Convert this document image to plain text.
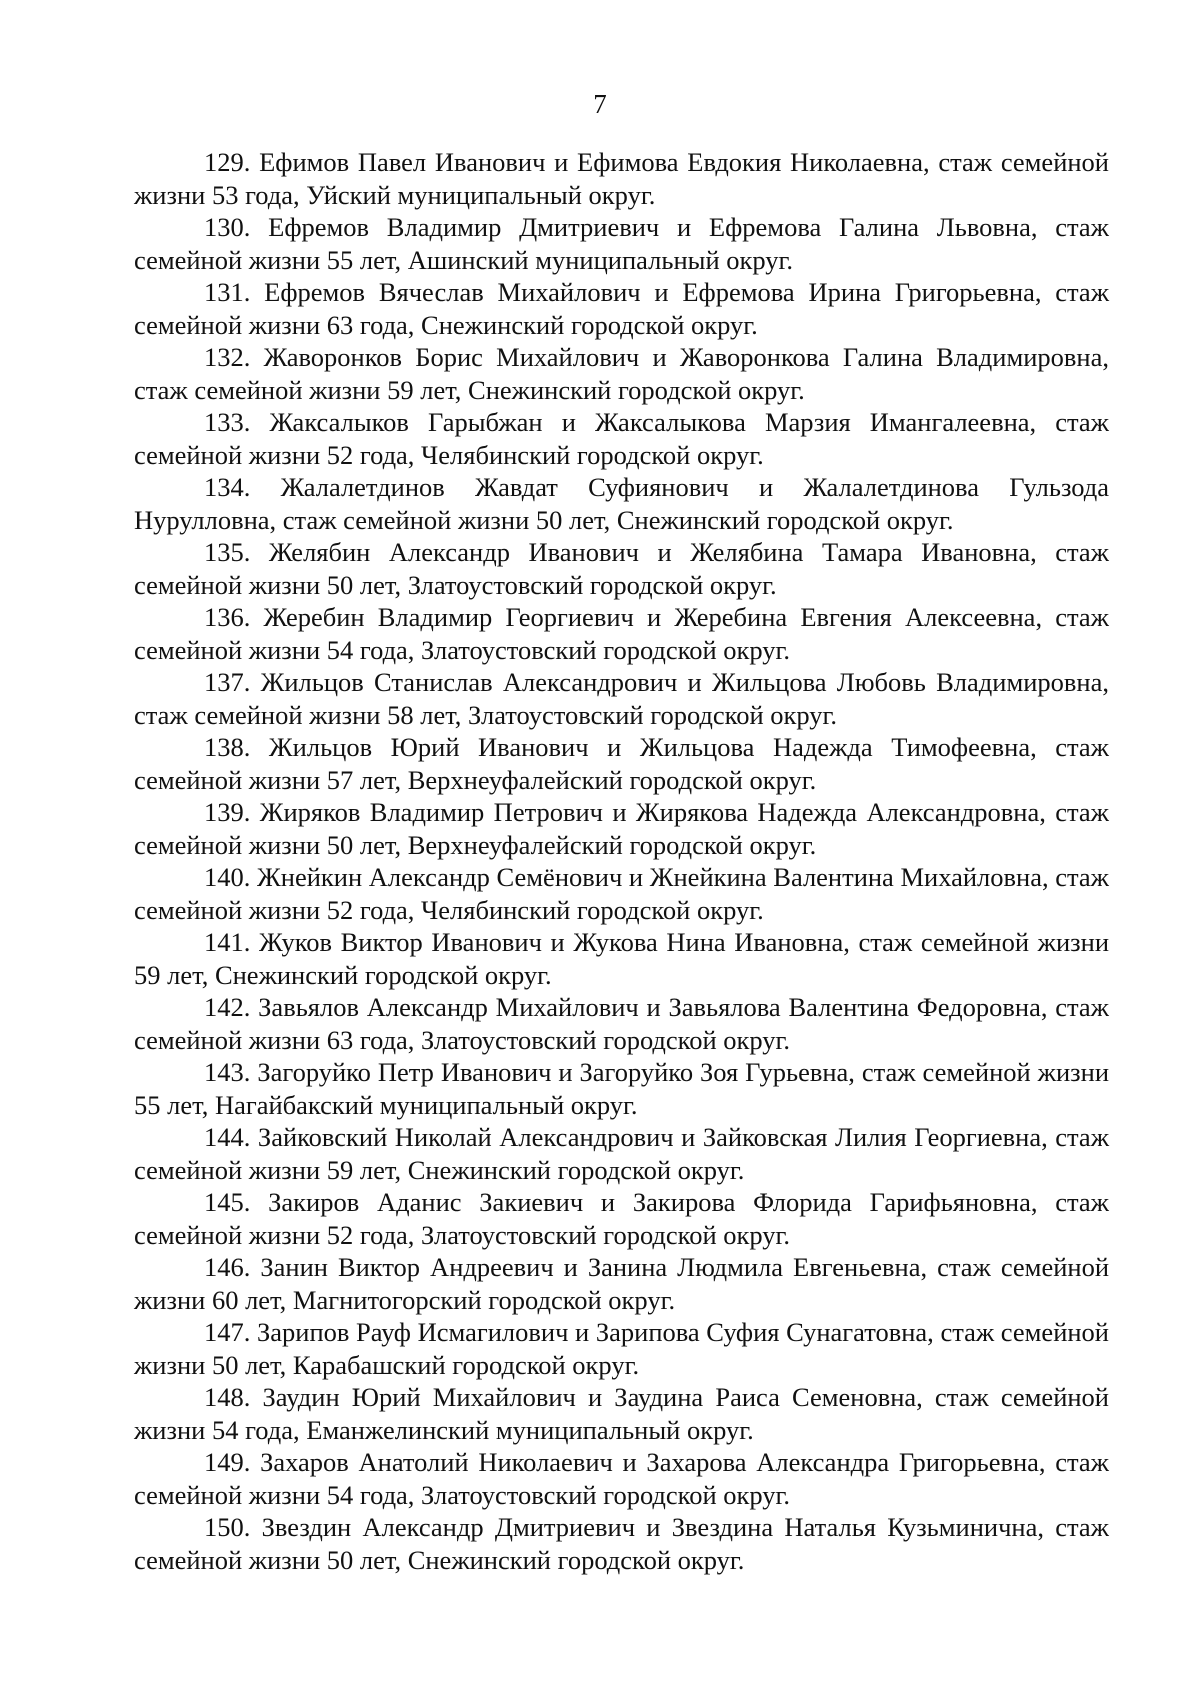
7

129. Ефимов Павел Иванович и Ефимова Евдокия Николаевна, стаж семейной жизни 53 года, Уйский муниципальный округ.

130. Ефремов Владимир Дмитриевич и Ефремова Галина Львовна, стаж семейной жизни 55 лет, Ашинский муниципальный округ.

131. Ефремов Вячеслав Михайлович и Ефремова Ирина Григорьевна, стаж семейной жизни 63 года, Снежинский городской округ.

132. Жаворонков Борис Михайлович и Жаворонкова Галина Владимировна, стаж семейной жизни 59 лет, Снежинский городской округ.

133. Жаксалыков Гарыбжан и Жаксалыкова Марзия Имангалеевна, стаж семейной жизни 52 года, Челябинский городской округ.

134. Жалалетдинов Жавдат Суфиянович и Жалалетдинова Гульзода Нурулловна, стаж семейной жизни 50 лет, Снежинский городской округ.

135. Желябин Александр Иванович и Желябина Тамара Ивановна, стаж семейной жизни 50 лет, Златоустовский городской округ.

136. Жеребин Владимир Георгиевич и Жеребина Евгения Алексеевна, стаж семейной жизни 54 года, Златоустовский городской округ.

137. Жильцов Станислав Александрович и Жильцова Любовь Владимировна, стаж семейной жизни 58 лет, Златоустовский городской округ.

138. Жильцов Юрий Иванович и Жильцова Надежда Тимофеевна, стаж семейной жизни 57 лет, Верхнеуфалейский городской округ.

139. Жиряков Владимир Петрович и Жирякова Надежда Александровна, стаж семейной жизни 50 лет, Верхнеуфалейский городской округ.

140. Жнейкин Александр Семёнович и Жнейкина Валентина Михайловна, стаж семейной жизни 52 года, Челябинский городской округ.

141. Жуков Виктор Иванович и Жукова Нина Ивановна, стаж семейной жизни 59 лет, Снежинский городской округ.

142. Завьялов Александр Михайлович и Завьялова Валентина Федоровна, стаж семейной жизни 63 года, Златоустовский городской округ.

143. Загоруйко Петр Иванович и Загоруйко Зоя Гурьевна, стаж семейной жизни 55 лет, Нагайбакский муниципальный округ.

144. Зайковский Николай Александрович и Зайковская Лилия Георгиевна, стаж семейной жизни 59 лет, Снежинский городской округ.

145. Закиров Аданис Закиевич и Закирова Флорида Гарифьяновна, стаж семейной жизни 52 года, Златоустовский городской округ.

146. Занин Виктор Андреевич и Занина Людмила Евгеньевна, стаж семейной жизни 60 лет, Магнитогорский городской округ.

147. Зарипов Рауф Исмагилович и Зарипова Суфия Сунагатовна, стаж семейной жизни 50 лет, Карабашский городской округ.

148. Заудин Юрий Михайлович и Заудина Раиса Семеновна, стаж семейной жизни 54 года, Еманжелинский муниципальный округ.

149. Захаров Анатолий Николаевич и Захарова Александра Григорьевна, стаж семейной жизни 54 года, Златоустовский городской округ.

150. Звездин Александр Дмитриевич и Звездина Наталья Кузьминична, стаж семейной жизни 50 лет, Снежинский городской округ.
